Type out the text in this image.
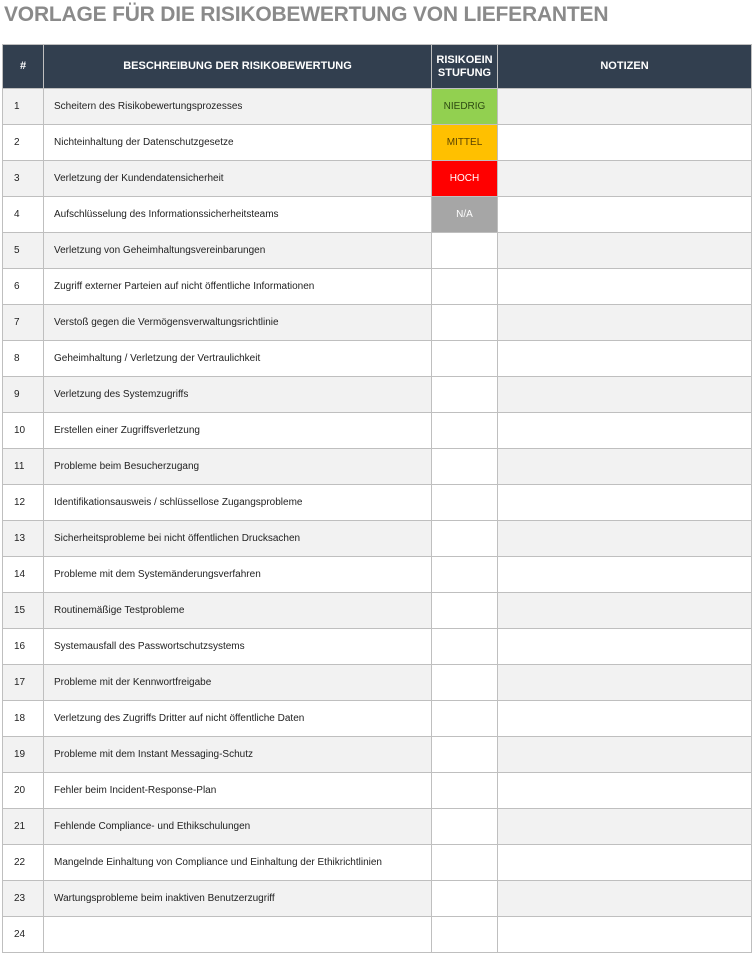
VORLAGE FÜR DIE RISIKOBEWERTUNG VON LIEFERANTEN
#	BESCHREIBUNG DER RISIKOBEWERTUNG	RISIKOEINSTUFUNG	NOTIZEN
1	Scheitern des Risikobewertungsprozesses	NIEDRIG	
2	Nichteinhaltung der Datenschutzgesetze	MITTEL	
3	Verletzung der Kundendatensicherheit	HOCH	
4	Aufschlüsselung des Informationssicherheitsteams	N/A	
5	Verletzung von Geheimhaltungsvereinbarungen		
6	Zugriff externer Parteien auf nicht öffentliche Informationen		
7	Verstoß gegen die Vermögensverwaltungsrichtlinie		
8	Geheimhaltung / Verletzung der Vertraulichkeit		
9	Verletzung des Systemzugriffs		
10	Erstellen einer Zugriffsverletzung		
11	Probleme beim Besucherzugang		
12	Identifikationsausweis / schlüssellose Zugangsprobleme		
13	Sicherheitsprobleme bei nicht öffentlichen Drucksachen		
14	Probleme mit dem Systemänderungsverfahren		
15	Routinemäßige Testprobleme		
16	Systemausfall des Passwortschutzsystems		
17	Probleme mit der Kennwortfreigabe		
18	Verletzung des Zugriffs Dritter auf nicht öffentliche Daten		
19	Probleme mit dem Instant Messaging-Schutz		
20	Fehler beim Incident-Response-Plan		
21	Fehlende Compliance- und Ethikschulungen		
22	Mangelnde Einhaltung von Compliance und Einhaltung der Ethikrichtlinien		
23	Wartungsprobleme beim inaktiven Benutzerzugriff		
24			
